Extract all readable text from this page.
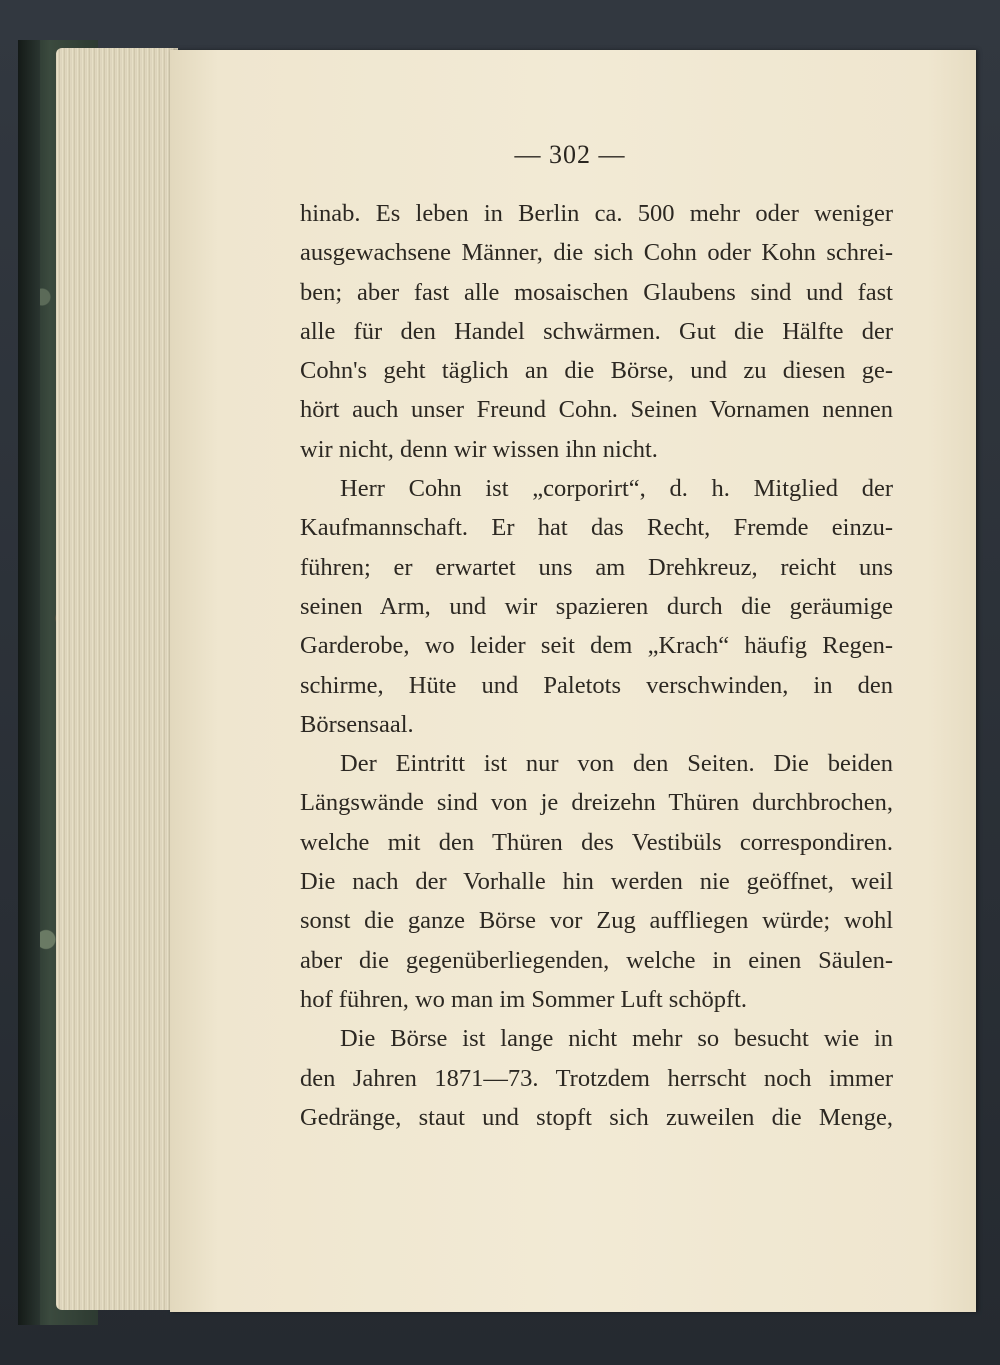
— 302 —
hinab. Es leben in Berlin ca. 500 mehr oder weniger
ausgewachsene Männer, die sich Cohn oder Kohn schrei-
ben; aber fast alle mosaischen Glaubens sind und fast
alle für den Handel schwärmen. Gut die Hälfte der
Cohn's geht täglich an die Börse, und zu diesen ge-
hört auch unser Freund Cohn. Seinen Vornamen nennen
wir nicht, denn wir wissen ihn nicht.
Herr Cohn ist „corporirt“, d. h. Mitglied der
Kaufmannschaft. Er hat das Recht, Fremde einzu-
führen; er erwartet uns am Drehkreuz, reicht uns
seinen Arm, und wir spazieren durch die geräumige
Garderobe, wo leider seit dem „Krach“ häufig Regen-
schirme, Hüte und Paletots verschwinden, in den
Börsensaal.
Der Eintritt ist nur von den Seiten. Die beiden
Längswände sind von je dreizehn Thüren durchbrochen,
welche mit den Thüren des Vestibüls correspondiren.
Die nach der Vorhalle hin werden nie geöffnet, weil
sonst die ganze Börse vor Zug auffliegen würde; wohl
aber die gegenüberliegenden, welche in einen Säulen-
hof führen, wo man im Sommer Luft schöpft.
Die Börse ist lange nicht mehr so besucht wie in
den Jahren 1871—73. Trotzdem herrscht noch immer
Gedränge, staut und stopft sich zuweilen die Menge,
